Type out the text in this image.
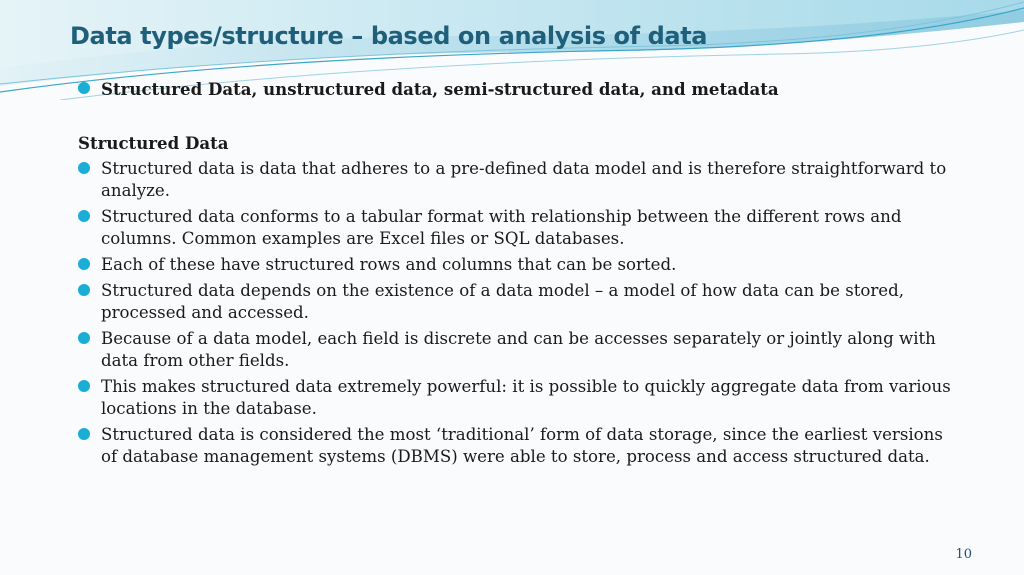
Data types/structure – based on analysis of data
Structured Data, unstructured data, semi-structured data, and metadata
Structured Data
Structured data is data that adheres to a pre-defined data model and is therefore straightforward to analyze.
Structured data conforms to a tabular format with relationship between the different rows and columns. Common examples are Excel files or SQL databases.
Each of these have structured rows and columns that can be sorted.
Structured data depends on the existence of a data model – a model of how data can be stored, processed and accessed.
Because of a data model, each field is discrete and can be accesses separately or jointly along with data from other fields.
This makes structured data extremely powerful: it is possible to quickly aggregate data from various locations in the database.
Structured data is considered the most ‘traditional’ form of data storage, since the earliest versions of database management systems (DBMS) were able to store, process and access structured data.
10
